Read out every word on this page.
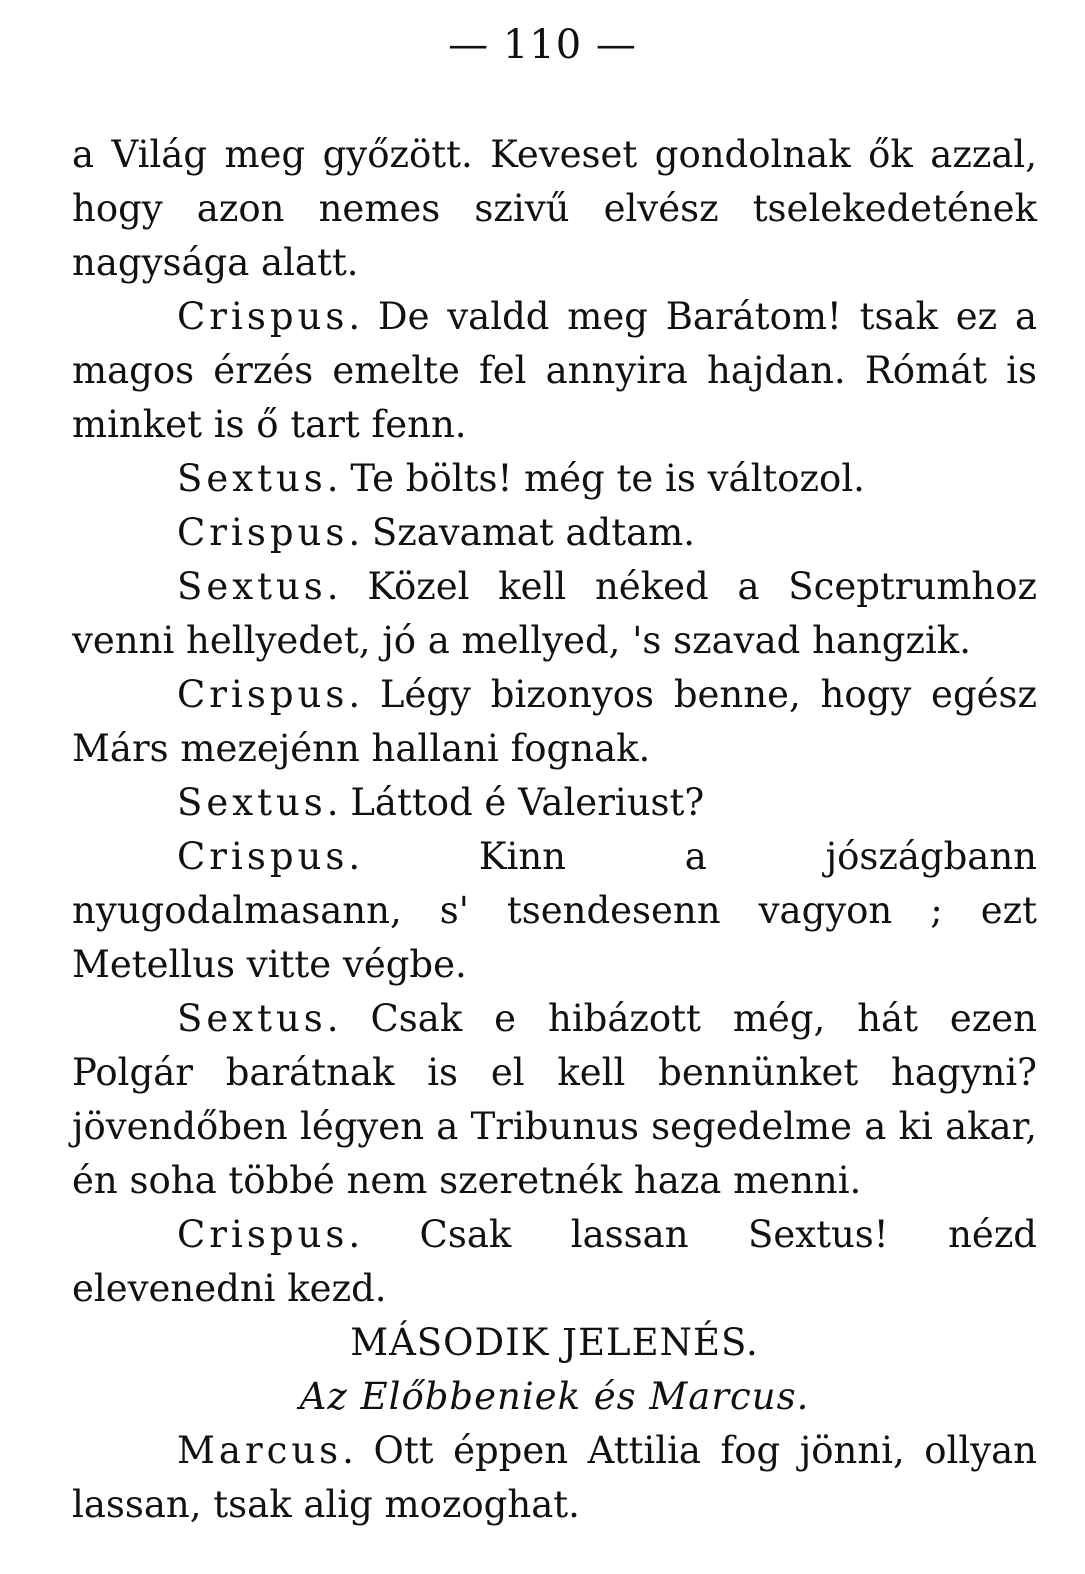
— 110 —

a Világ meg győzött. Keveset gondolnak ők azzal, hogy azon nemes szivű elvész tselekedetének nagysága alatt.

Crispus. De valdd meg Barátom! tsak ez a magos érzés emelte fel annyira hajdan. Rómát is minket is ő tart fenn.

Sextus. Te bölts! még te is változol.

Crispus. Szavamat adtam.

Sextus. Közel kell néked a Sceptrumhoz venni hellyedet, jó a mellyed, 's szavad hangzik.

Crispus. Légy bizonyos benne, hogy egész Márs mezejénn hallani fognak.

Sextus. Láttod é Valeriust?

Crispus. Kinn a jószágbann nyugodalmasann, s' tsendesenn vagyon ; ezt Metellus vitte végbe.

Sextus. Csak e hibázott még, hát ezen Polgár barátnak is el kell bennünket hagyni? jövendőben légyen a Tribunus segedelme a ki akar, én soha többé nem szeretnék haza menni.

Crispus. Csak lassan Sextus! nézd elevenedni kezd.

MÁSODIK JELENÉS.

Az Előbbeniek és Marcus.

Marcus. Ott éppen Attilia fog jönni, ollyan lassan, tsak alig mozoghat.
